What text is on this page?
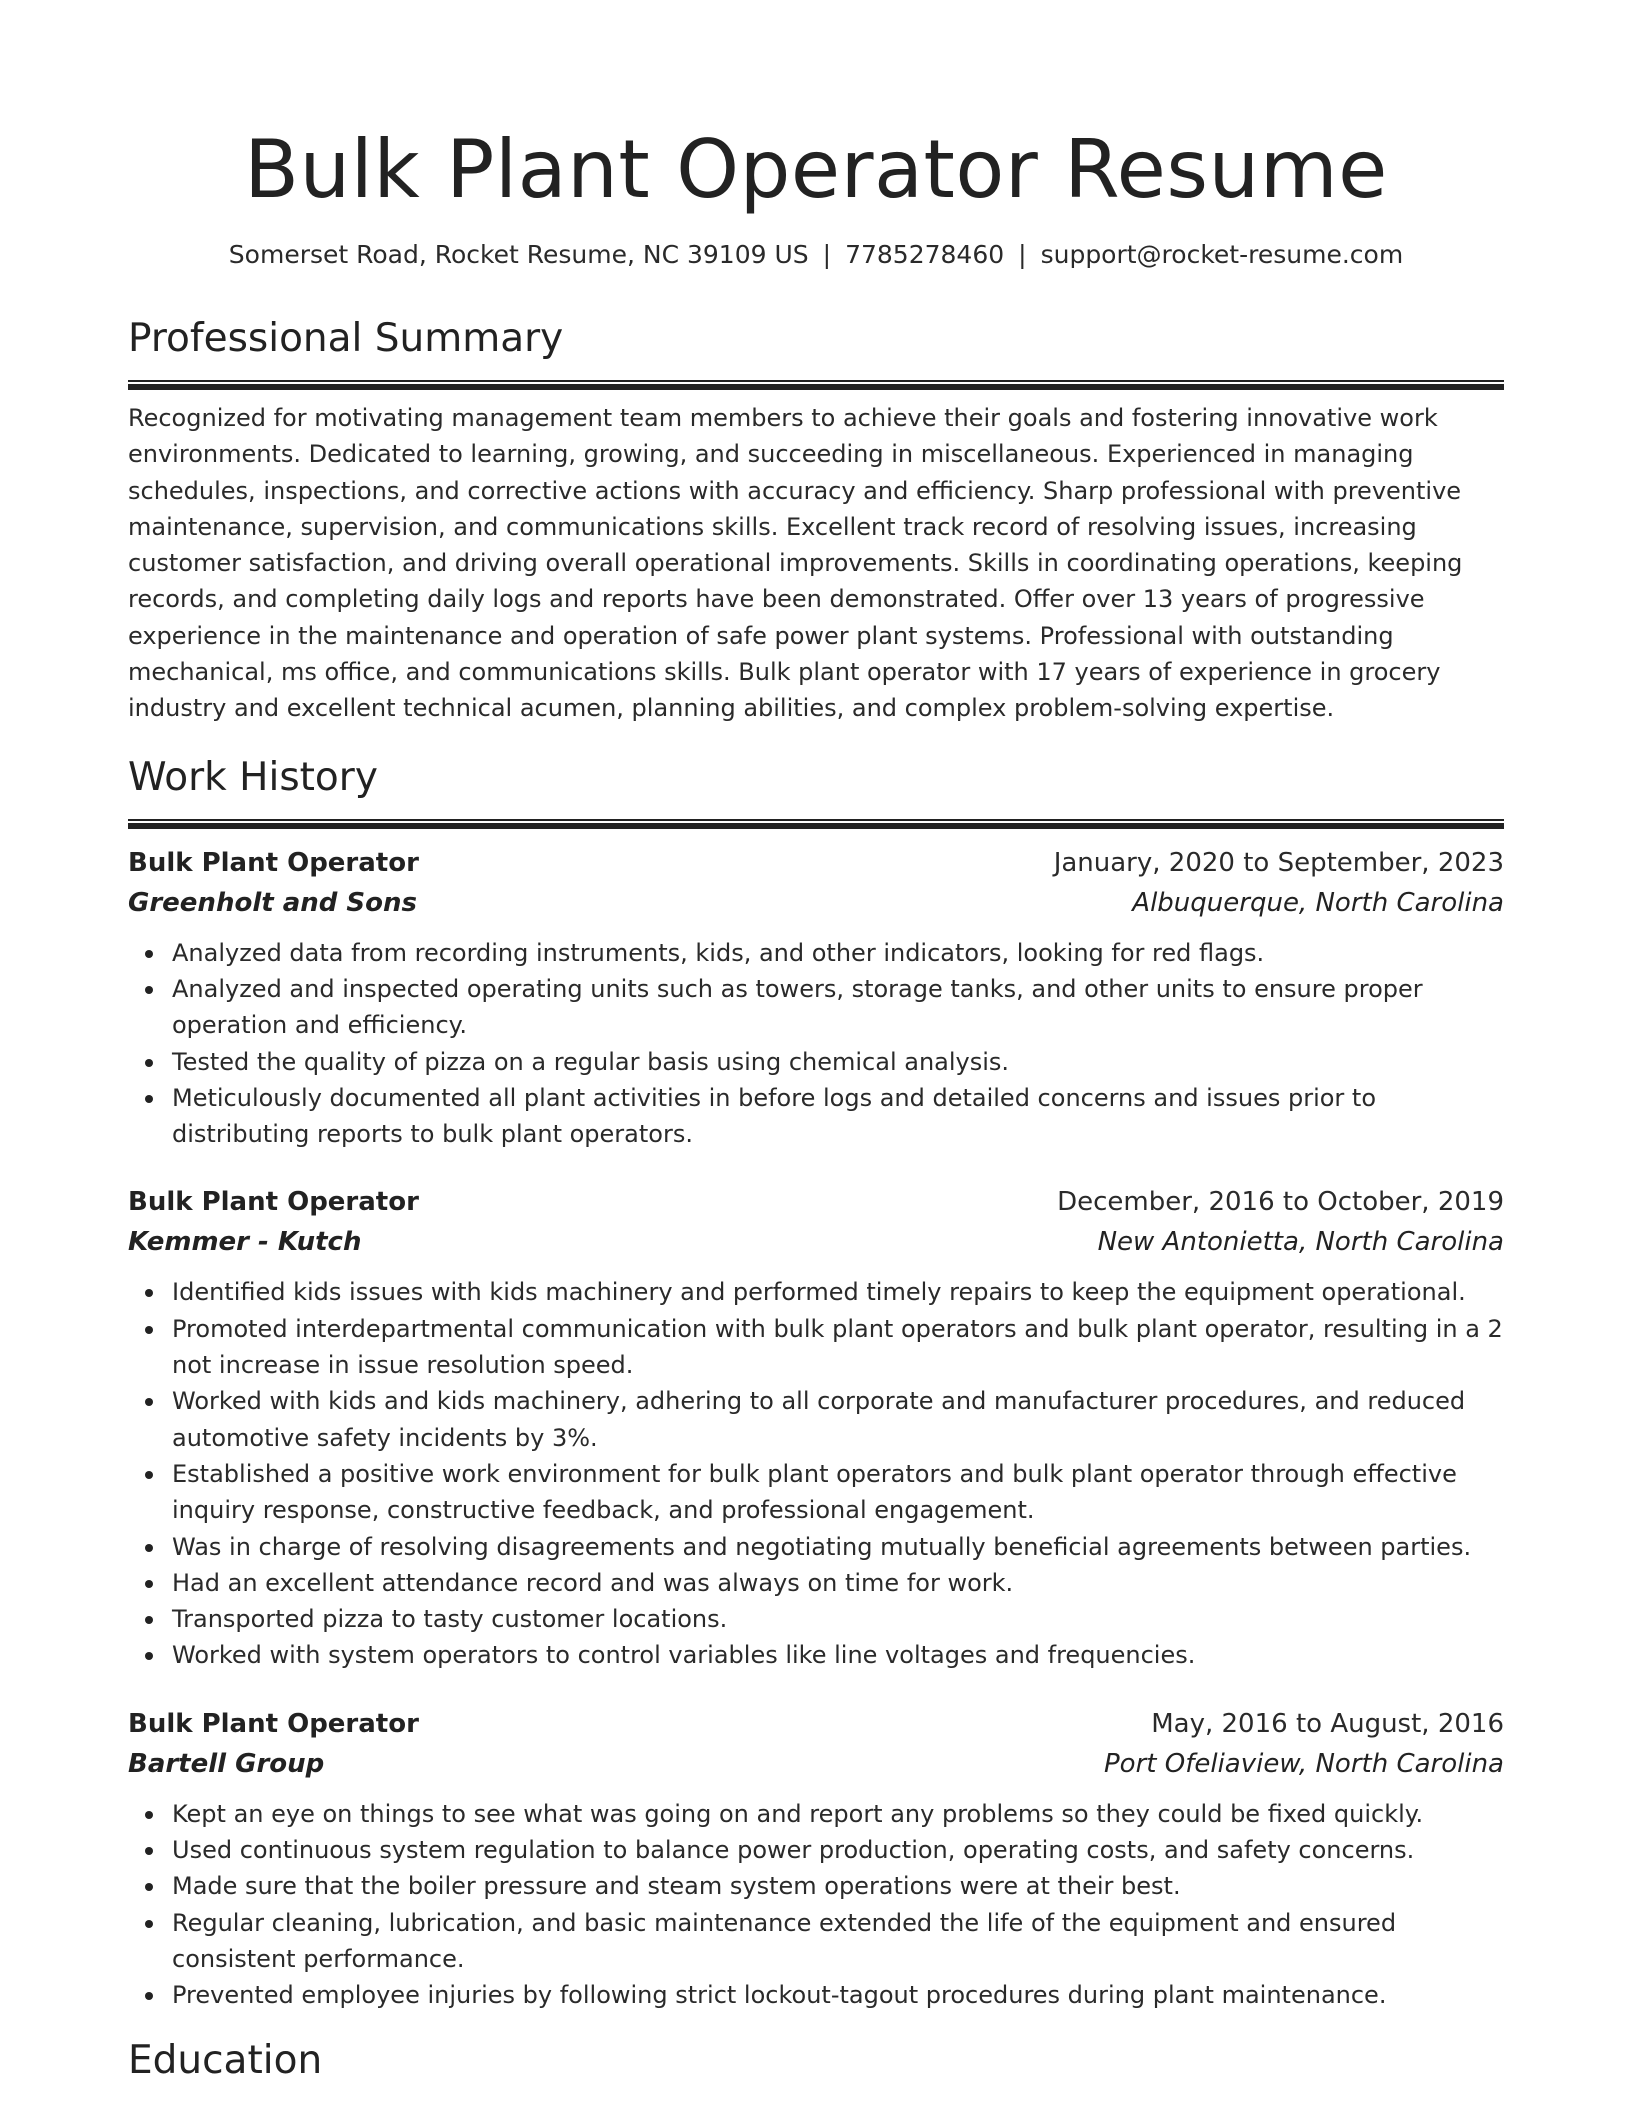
Bulk Plant Operator Resume
Somerset Road, Rocket Resume, NC 39109 US | 7785278460 | support@rocket-resume.com
Professional Summary

Recognized for motivating management team members to achieve their goals and fostering innovative work environments. Dedicated to learning, growing, and succeeding in miscellaneous. Experienced in managing schedules, inspections, and corrective actions with accuracy and efficiency. Sharp professional with preventive maintenance, supervision, and communications skills. Excellent track record of resolving issues, increasing customer satisfaction, and driving overall operational improvements. Skills in coordinating operations, keeping records, and completing daily logs and reports have been demonstrated. Offer over 13 years of progressive experience in the maintenance and operation of safe power plant systems. Professional with outstanding mechanical, ms office, and communications skills. Bulk plant operator with 17 years of experience in grocery industry and excellent technical acumen, planning abilities, and complex problem-solving expertise.

Work History
Bulk Plant Operator	January, 2020 to September, 2023
Greenholt and Sons	Albuquerque, North Carolina
Analyzed data from recording instruments, kids, and other indicators, looking for red flags.
Analyzed and inspected operating units such as towers, storage tanks, and other units to ensure proper operation and efficiency.
Tested the quality of pizza on a regular basis using chemical analysis.
Meticulously documented all plant activities in before logs and detailed concerns and issues prior to distributing reports to bulk plant operators.
Bulk Plant Operator	December, 2016 to October, 2019
Kemmer - Kutch	New Antonietta, North Carolina
Identified kids issues with kids machinery and performed timely repairs to keep the equipment operational.
Promoted interdepartmental communication with bulk plant operators and bulk plant operator, resulting in a 2 not increase in issue resolution speed.
Worked with kids and kids machinery, adhering to all corporate and manufacturer procedures, and reduced automotive safety incidents by 3%.
Established a positive work environment for bulk plant operators and bulk plant operator through effective inquiry response, constructive feedback, and professional engagement.
Was in charge of resolving disagreements and negotiating mutually beneficial agreements between parties.
Had an excellent attendance record and was always on time for work.
Transported pizza to tasty customer locations.
Worked with system operators to control variables like line voltages and frequencies.
Bulk Plant Operator	May, 2016 to August, 2016
Bartell Group	Port Ofeliaview, North Carolina
Kept an eye on things to see what was going on and report any problems so they could be fixed quickly.
Used continuous system regulation to balance power production, operating costs, and safety concerns.
Made sure that the boiler pressure and steam system operations were at their best.
Regular cleaning, lubrication, and basic maintenance extended the life of the equipment and ensured consistent performance.
Prevented employee injuries by following strict lockout-tagout procedures during plant maintenance.
Education
